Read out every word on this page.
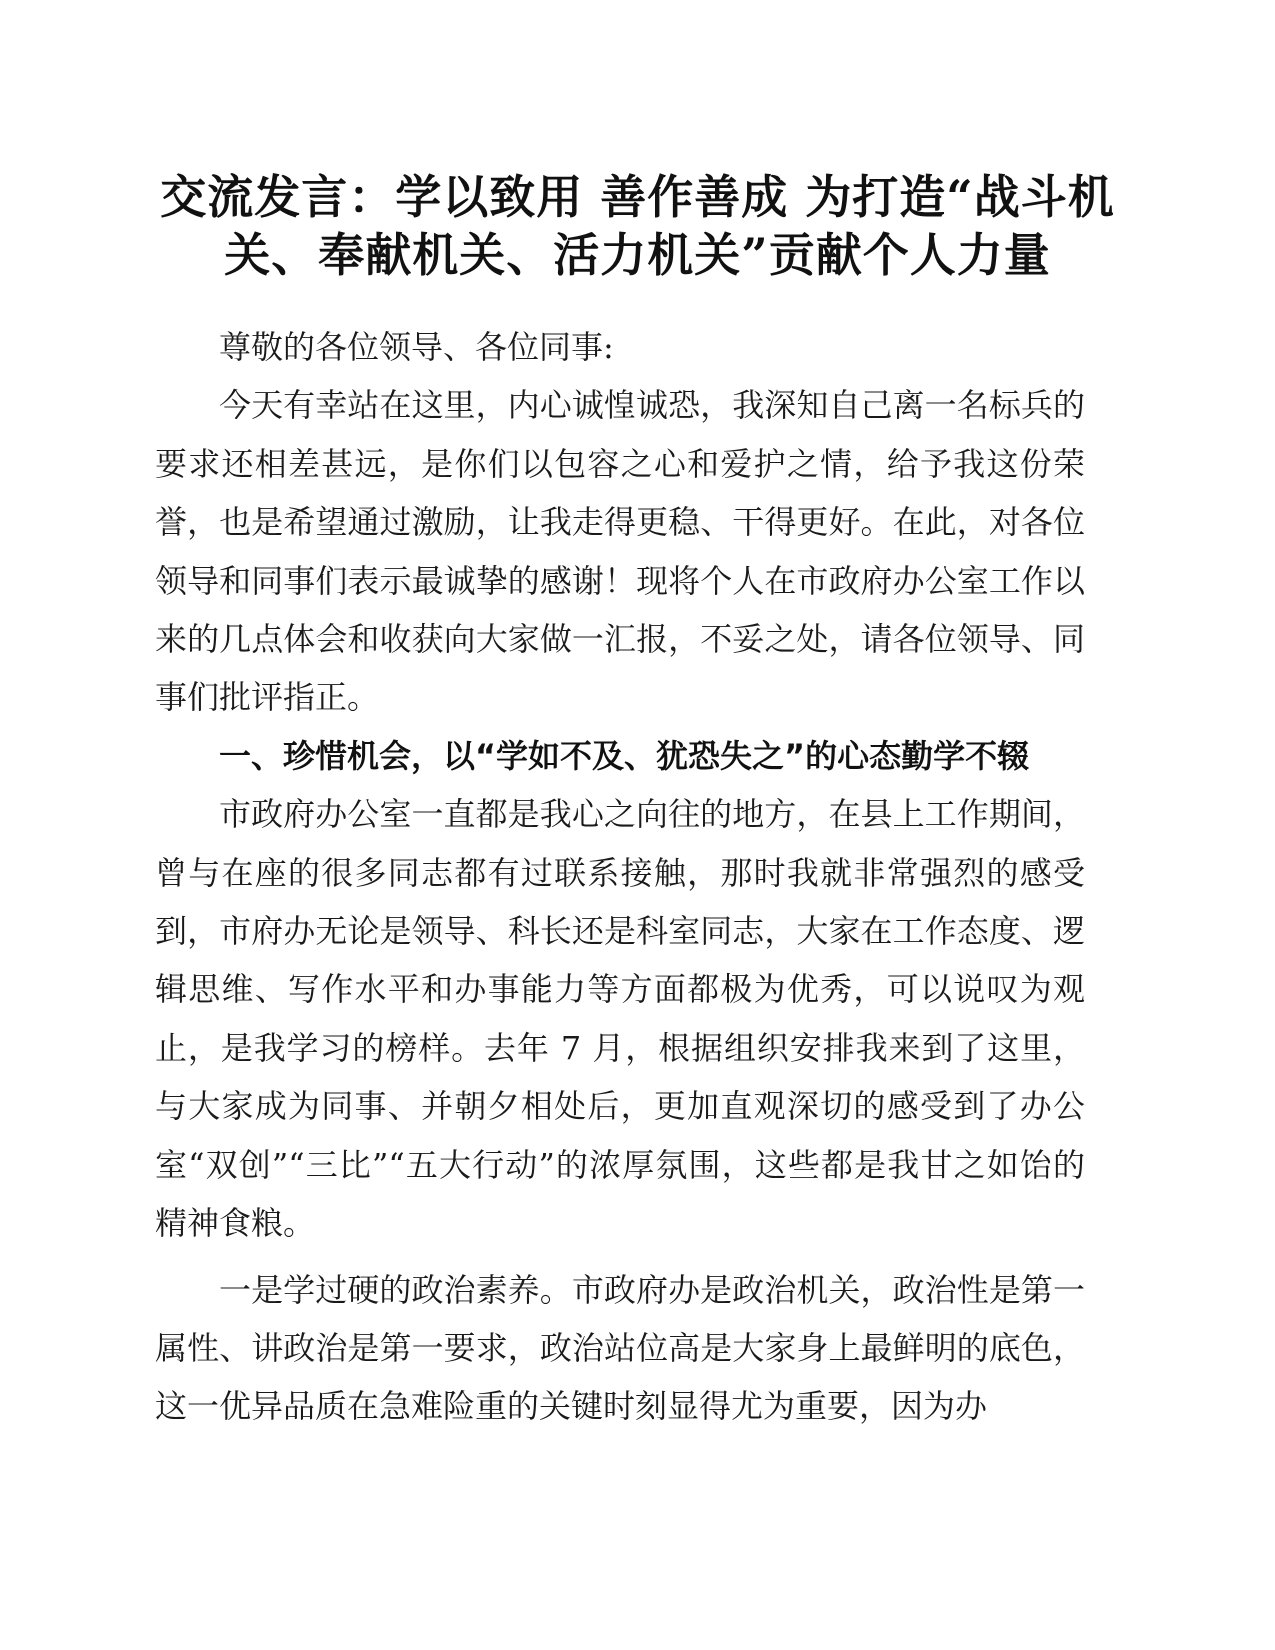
交流发言：学以致用 善作善成 为打造“战斗机
关、奉献机关、活力机关”贡献个人力量

尊敬的各位领导、各位同事:

今天有幸站在这里，内心诚惶诚恐，我深知自己离一名标兵的要求还相差甚远，是你们以包容之心和爱护之情，给予我这份荣誉，也是希望通过激励，让我走得更稳、干得更好。在此，对各位领导和同事们表示最诚挚的感谢！现将个人在市政府办公室工作以来的几点体会和收获向大家做一汇报，不妥之处，请各位领导、同事们批评指正。

一、珍惜机会，以“学如不及、犹恐失之”的心态勤学不辍

市政府办公室一直都是我心之向往的地方，在县上工作期间，曾与在座的很多同志都有过联系接触，那时我就非常强烈的感受到，市府办无论是领导、科长还是科室同志，大家在工作态度、逻辑思维、写作水平和办事能力等方面都极为优秀，可以说叹为观止，是我学习的榜样。去年 7 月，根据组织安排我来到了这里，与大家成为同事、并朝夕相处后，更加直观深切的感受到了办公室“双创”“三比”“五大行动”的浓厚氛围，这些都是我甘之如饴的精神食粮。

一是学过硬的政治素养。市政府办是政治机关，政治性是第一属性、讲政治是第一要求，政治站位高是大家身上最鲜明的底色，这一优异品质在急难险重的关键时刻显得尤为重要，因为办
